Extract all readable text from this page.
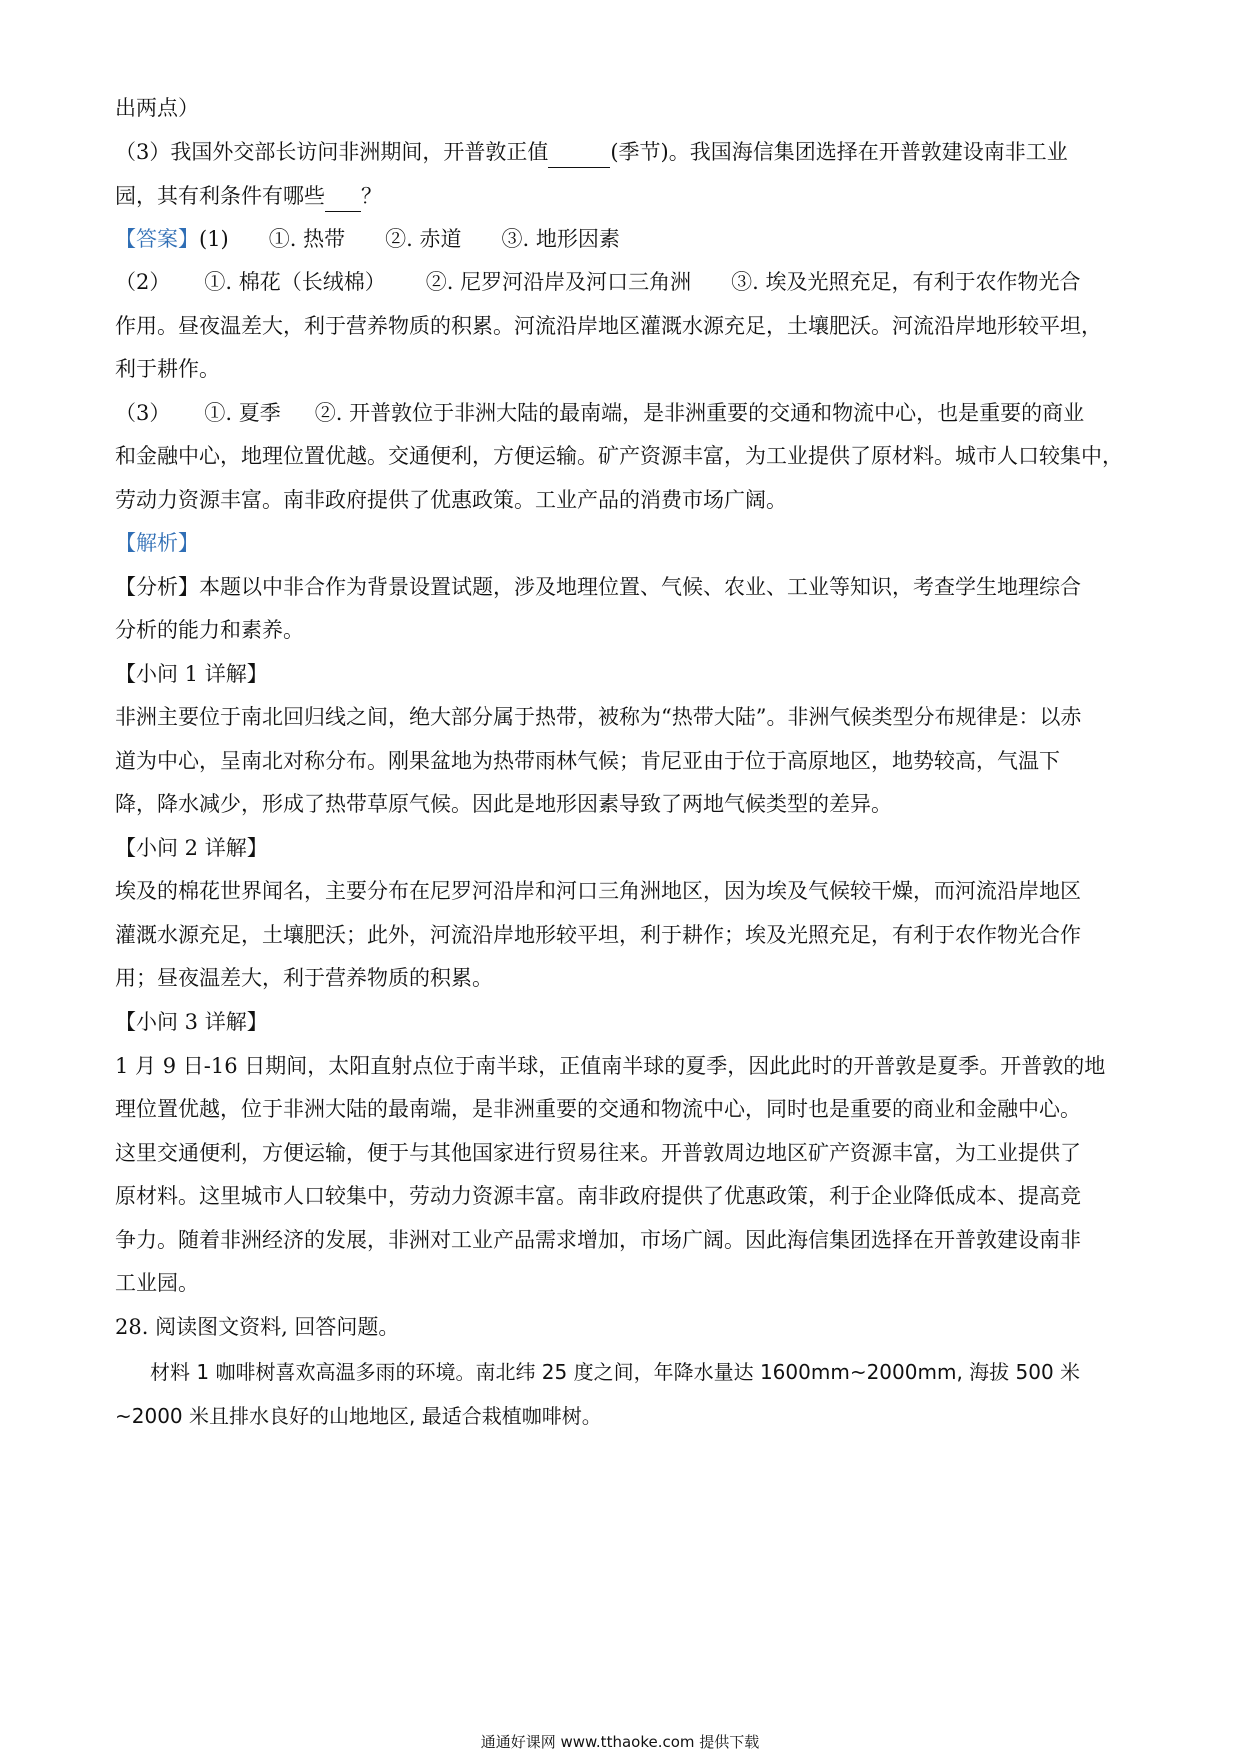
出两点）
（3）我国外交部长访问非洲期间，开普敦正值	(季节)。我国海信集团选择在开普敦建设南非工业
园，其有利条件有哪些 ？
【答案】(1) ①. 热带 ②. 赤道 ③. 地形因素
（2） ①. 棉花（长绒棉） ②. 尼罗河沿岸及河口三角洲 ③. 埃及光照充足，有利于农作物光合
作用。昼夜温差大，利于营养物质的积累。河流沿岸地区灌溉水源充足，土壤肥沃。河流沿岸地形较平坦，
利于耕作。
（3） ①. 夏季 ②. 开普敦位于非洲大陆的最南端，是非洲重要的交通和物流中心，也是重要的商业
和金融中心，地理位置优越。交通便利，方便运输。矿产资源丰富，为工业提供了原材料。城市人口较集中，
劳动力资源丰富。南非政府提供了优惠政策。工业产品的消费市场广阔。
【解析】
【分析】本题以中非合作为背景设置试题，涉及地理位置、气候、农业、工业等知识，考查学生地理综合
分析的能力和素养。
【小问 1 详解】
非洲主要位于南北回归线之间，绝大部分属于热带，被称为“热带大陆”。非洲气候类型分布规律是：以赤
道为中心，呈南北对称分布。刚果盆地为热带雨林气候；肯尼亚由于位于高原地区，地势较高，气温下
降，降水减少，形成了热带草原气候。因此是地形因素导致了两地气候类型的差异。
【小问 2 详解】
埃及的棉花世界闻名，主要分布在尼罗河沿岸和河口三角洲地区，因为埃及气候较干燥，而河流沿岸地区
灌溉水源充足，土壤肥沃；此外，河流沿岸地形较平坦，利于耕作；埃及光照充足，有利于农作物光合作
用；昼夜温差大，利于营养物质的积累。
【小问 3 详解】
1 月 9 日-16 日期间，太阳直射点位于南半球，正值南半球的夏季，因此此时的开普敦是夏季。开普敦的地
理位置优越，位于非洲大陆的最南端，是非洲重要的交通和物流中心，同时也是重要的商业和金融中心。
这里交通便利，方便运输，便于与其他国家进行贸易往来。开普敦周边地区矿产资源丰富，为工业提供了
原材料。这里城市人口较集中，劳动力资源丰富。南非政府提供了优惠政策，利于企业降低成本、提高竞
争力。随着非洲经济的发展，非洲对工业产品需求增加，市场广阔。因此海信集团选择在开普敦建设南非
工业园。
28. 阅读图文资料, 回答问题。
材料 1 咖啡树喜欢高温多雨的环境。南北纬 25 度之间，年降水量达 1600mm~2000mm, 海拔 500 米
~2000 米且排水良好的山地地区, 最适合栽植咖啡树。
通通好课网 www.tthaoke.com 提供下载
